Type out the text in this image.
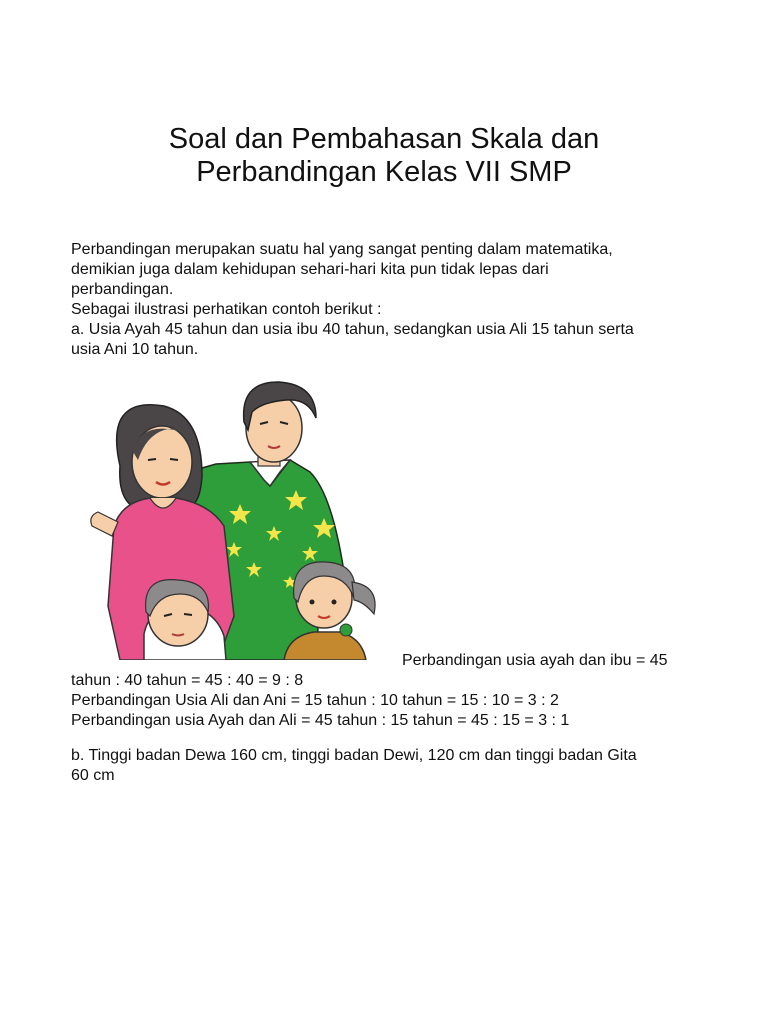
Soal dan Pembahasan Skala dan
Perbandingan Kelas VII SMP
Perbandingan merupakan suatu hal yang sangat penting dalam matematika,
demikian juga dalam kehidupan sehari-hari kita pun tidak lepas dari
perbandingan.
Sebagai ilustrasi perhatikan contoh berikut :
a. Usia Ayah 45 tahun dan usia ibu 40 tahun, sedangkan usia Ali 15 tahun serta
usia Ani 10 tahun.
Perbandingan usia ayah dan ibu = 45
tahun : 40 tahun = 45 : 40 = 9 : 8
Perbandingan Usia Ali dan Ani = 15 tahun : 10 tahun = 15 : 10 = 3 : 2
Perbandingan usia Ayah dan Ali = 45 tahun : 15 tahun = 45 : 15 = 3 : 1
b. Tinggi badan Dewa 160 cm, tinggi badan Dewi, 120 cm dan tinggi badan Gita
60 cm
